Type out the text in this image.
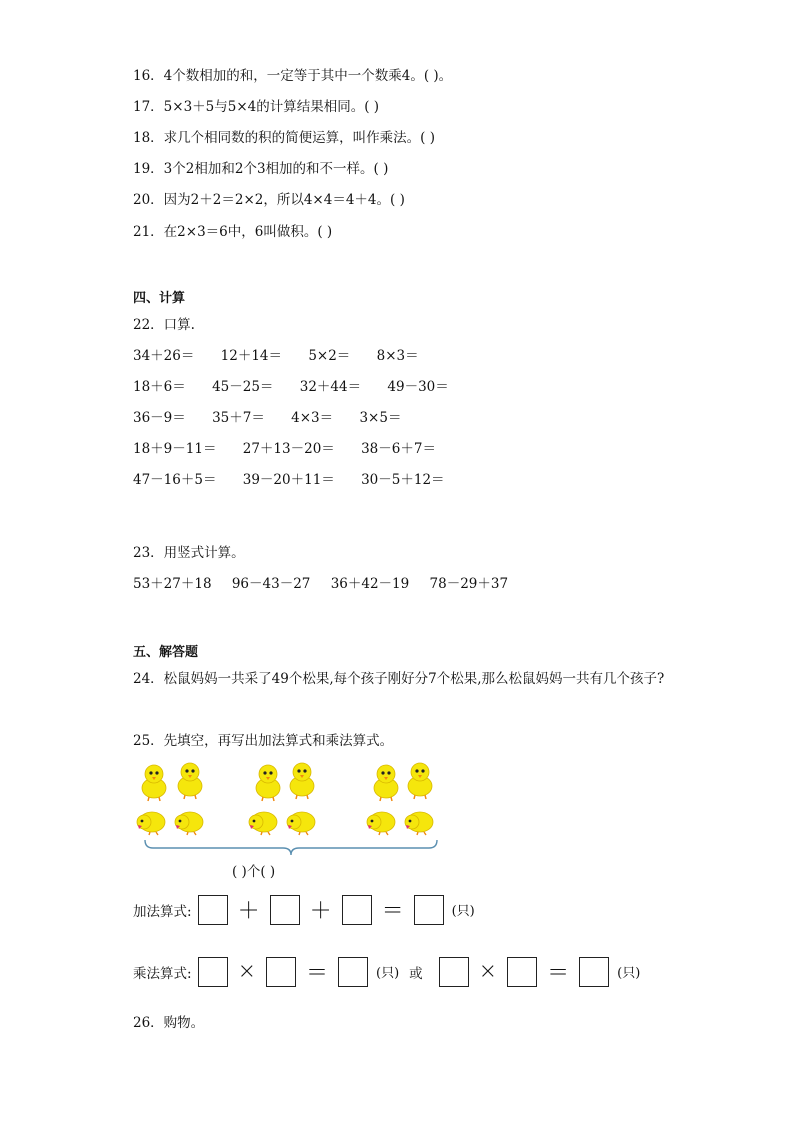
16．4个数相加的和，一定等于其中一个数乘4。( )。
17．5×3＋5与5×4的计算结果相同。( )
18．求几个相同数的积的简便运算，叫作乘法。( )
19．3个2相加和2个3相加的和不一样。( )
20．因为2＋2＝2×2，所以4×4＝4＋4。( )
21．在2×3＝6中，6叫做积。( )
四、计算
22．口算.
34＋26＝ 12＋14＝ 5×2＝ 8×3＝
18＋6＝ 45－25＝ 32＋44＝ 49－30＝
36－9＝ 35＋7＝ 4×3＝ 3×5＝
18＋9－11＝ 27＋13－20＝ 38－6＋7＝
47－16＋5＝ 39－20＋11＝ 30－5＋12＝
23．用竖式计算。
53＋27＋18 96－43－27 36＋42－19 78－29＋37
五、解答题
24．松鼠妈妈一共采了49个松果,每个孩子刚好分7个松果,那么松鼠妈妈一共有几个孩子?
25．先填空，再写出加法算式和乘法算式。
( )个( )
加法算式: ＋ ＋ ＝	(只)
乘法算式: × ＝	(只) 或	× ＝	(只)
26．购物。
